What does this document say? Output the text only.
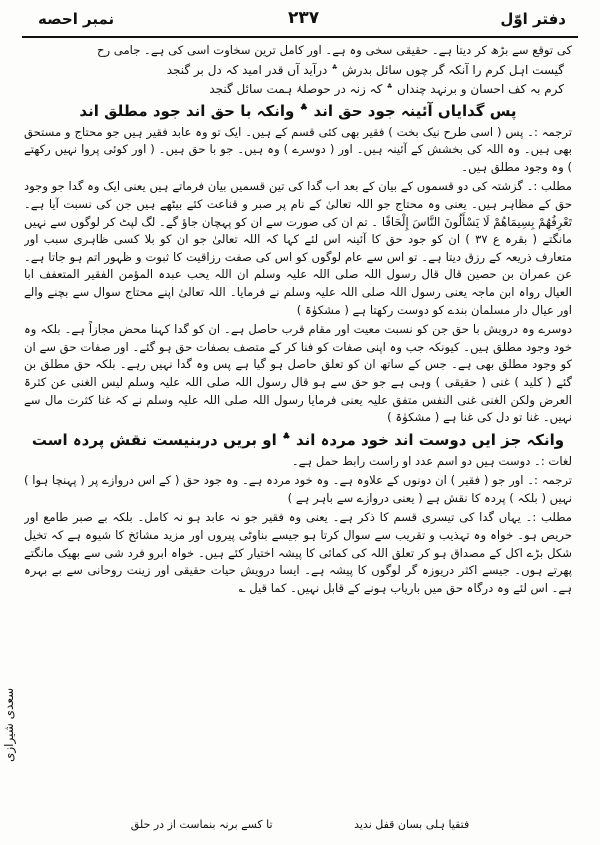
دفتر اوّل
۲۳۷
نمبر احصه

کی توقع سے بڑھ کر دیتا ہے۔ حقیقی سخی وہ ہے۔ اور کامل ترین سخاوت اسی کی ہے۔ جامی رح

گیست اہل کرم را آنکہ گر چوں سائل بدرش ؞ درآید آں قدر امید کہ دل بر گنجد

کرم بہ کف احسان و برنہد چنداں ؞ کہ زنہ در حوصلۂ ہمت سائل گنجد

پس گدایاں آئینہ جود حق اند ؞ وانکہ با حق اند جود مطلق اند

ترجمہ :۔ پس ( اسی طرح نیک بخت ) فقیر بھی کئی قسم کے ہیں۔ ایک تو وہ عابد فقیر ہیں جو محتاج و مستحق بھی ہیں۔ وہ اللہ کی بخشش کے آئینہ ہیں۔ اور ( دوسرے ) وہ ہیں۔ جو با حق ہیں۔ ( اور کوئی پروا نہیں رکھتے ) وہ وجود مطلق ہیں۔

مطلب :۔ گزشتہ کی دو قسموں کے بیان کے بعد اب گدا کی تین قسمیں بیان فرماتے ہیں یعنی ایک وہ گدا جو وجود حق کے مظاہر ہیں۔ یعنی وہ محتاج جو اللہ تعالیٰ کے نام پر صبر و قناعت کئے بیٹھے ہیں جن کی نسبت آیا ہے۔ تَعْرِفُهُمْ بِسِيمَاهُمْ لَا يَسْأَلُونَ النَّاسَ إِلْحَافًا ۔ تم ان کی صورت سے ان کو پہچان جاؤ گے۔ لگ لپٹ کر لوگوں سے نہیں مانگتے ( بقرہ ع ۳۷ ) ان کو جود حق کا آئینہ اس لئے کہا کہ اللہ تعالیٰ جو ان کو بلا کسی ظاہری سبب اور متعارف ذریعہ کے رزق دیتا ہے۔ تو اس سے عام لوگوں کو اس کی صفت رزاقیت کا ثبوت و ظہور اتم ہو جاتا ہے۔ عن عمران بن حصین قال قال رسول اللہ صلی اللہ علیہ وسلم ان اللہ یحب عبدہ المؤمن الفقیر المتعفف ابا العیال رواہ ابن ماجہ یعنی رسول اللہ صلی اللہ علیہ وسلم نے فرمایا۔ اللہ تعالیٰ اپنے محتاج سوال سے بچنے والے اور عیال دار مسلمان بندے کو دوست رکھتا ہے ( مشکوٰۃ )

دوسرے وہ درویش با حق جن کو نسبت معیت اور مقام قرب حاصل ہے۔ ان کو گدا کہنا محض مجازاً ہے۔ بلکہ وہ خود وجود مطلق ہیں۔ کیونکہ جب وہ اپنی صفات کو فنا کر کے متصف بصفات حق ہو گئے۔ اور صفات حق سے ان کو وجود مطلق بھی ہے۔ جس کے ساتھ ان کو تعلق حاصل ہو گیا ہے پس وہ گدا نہیں رہے۔ بلکہ حق مطلق بن گئے ( کلید ) غنی ( حقیقی ) وہی ہے جو حق سے ہو قال رسول اللہ صلی اللہ علیہ وسلم لیس الغنی عن کثرۃ العرض ولکن الغنی غنی النفس متفق علیہ یعنی فرمایا رسول اللہ صلی اللہ علیہ وسلم نے کہ غنا کثرت مال سے نہیں۔ غنا تو دل کی غنا ہے ( مشکوٰۃ )

وانکہ جز ایں دوست اند خود مردہ اند ؞ او بریں دربنیست نقش پردہ است

لغات :۔ دوست ہیں دو اسم عدد او راست رابط حمل ہے۔

ترجمہ :۔ اور جو ( فقیر ) ان دونوں کے علاوہ ہے۔ وہ خود مردہ ہے۔ وہ جود حق ( کے اس دروازے پر ( پہنچا ہوا ) نہیں ( بلکہ ) پردہ کا نقش ہے ( یعنی دروازے سے باہر ہے )

مطلب :۔ یہاں گدا کی تیسری قسم کا ذکر ہے۔ یعنی وہ فقیر جو نہ عابد ہو نہ کامل۔ بلکہ بے صبر طامع اور حریص ہو۔ خواہ وہ تہذیب و تقریب سے سوال کرتا ہو جیسے بناوٹی پیروں اور مزید مشائخ کا شیوہ ہے کہ تخیل شکل بڑے اکل کے مصداق ہو کر تعلق اللہ کی کمائی کا پیشہ اختیار کئے ہیں۔ خواہ ابرو فرد شی سے بھیک مانگتے پھرتے ہوں۔ جیسے اکثر دریوزہ گر لوگوں کا پیشہ ہے۔ ایسا درویش حیات حقیقی اور زینت روحانی سے بے بہرہ ہے۔ اس لئے وہ درگاہ حق میں باریاب ہونے کے قابل نہیں۔ کما قیل ؎

سعدی شیرازی
فتقیا ہلی بسان قفل ندید
تا کسے برنہ بنماست از در حلق
